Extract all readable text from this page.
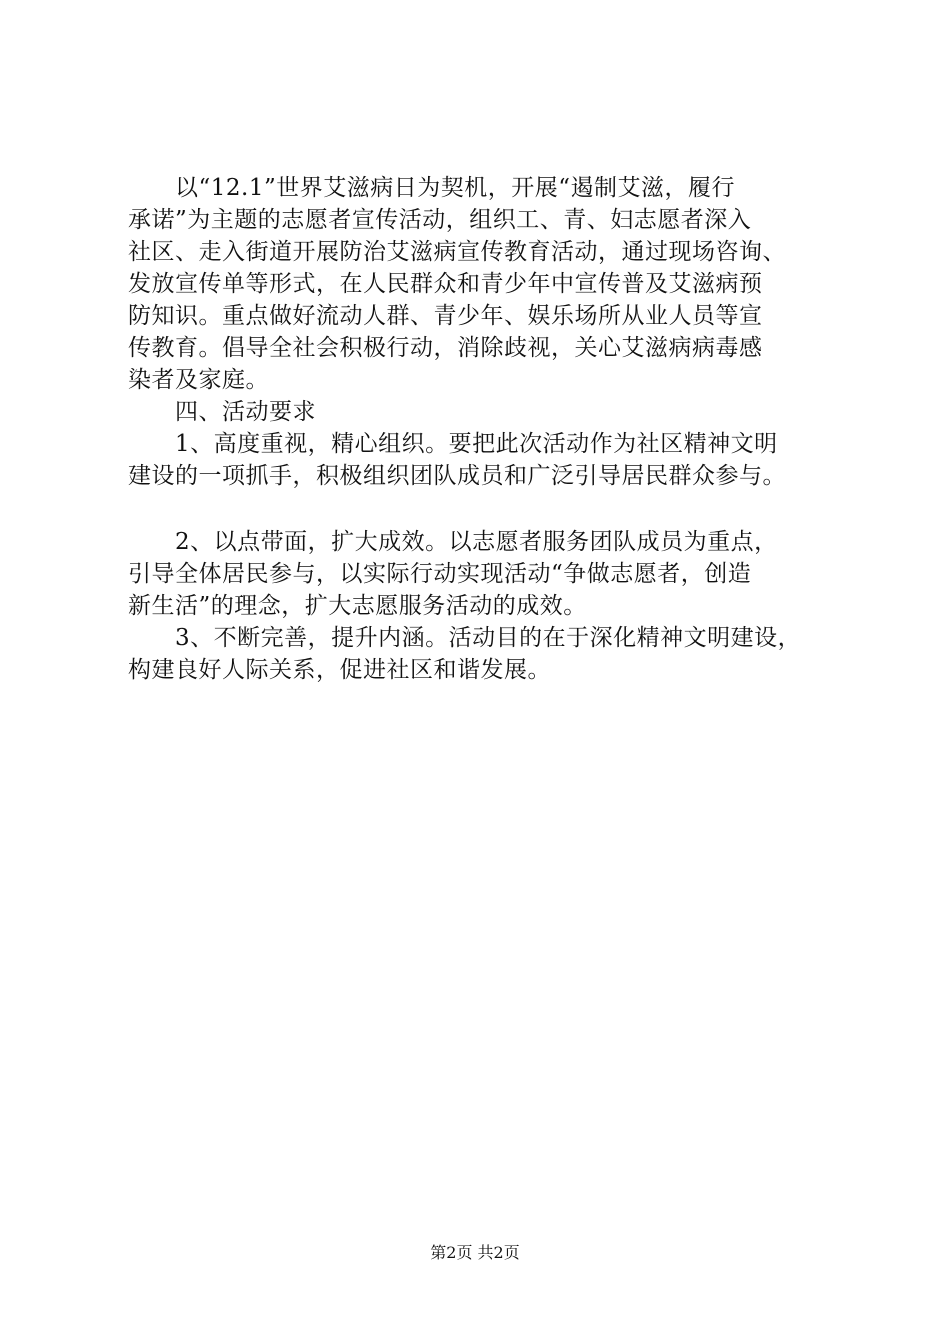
　　以“12.1”世界艾滋病日为契机，开展“遏制艾滋，履行
承诺”为主题的志愿者宣传活动，组织工、青、妇志愿者深入
社区、走入街道开展防治艾滋病宣传教育活动，通过现场咨询、
发放宣传单等形式，在人民群众和青少年中宣传普及艾滋病预
防知识。重点做好流动人群、青少年、娱乐场所从业人员等宣
传教育。倡导全社会积极行动，消除歧视，关心艾滋病病毒感
染者及家庭。
　　四、活动要求
　　1、高度重视，精心组织。要把此次活动作为社区精神文明
建设的一项抓手，积极组织团队成员和广泛引导居民群众参与。
　　2、以点带面，扩大成效。以志愿者服务团队成员为重点，
引导全体居民参与，以实际行动实现活动“争做志愿者，创造
新生活”的理念，扩大志愿服务活动的成效。
　　3、不断完善，提升内涵。活动目的在于深化精神文明建设，
构建良好人际关系，促进社区和谐发展。
第2页 共2页
